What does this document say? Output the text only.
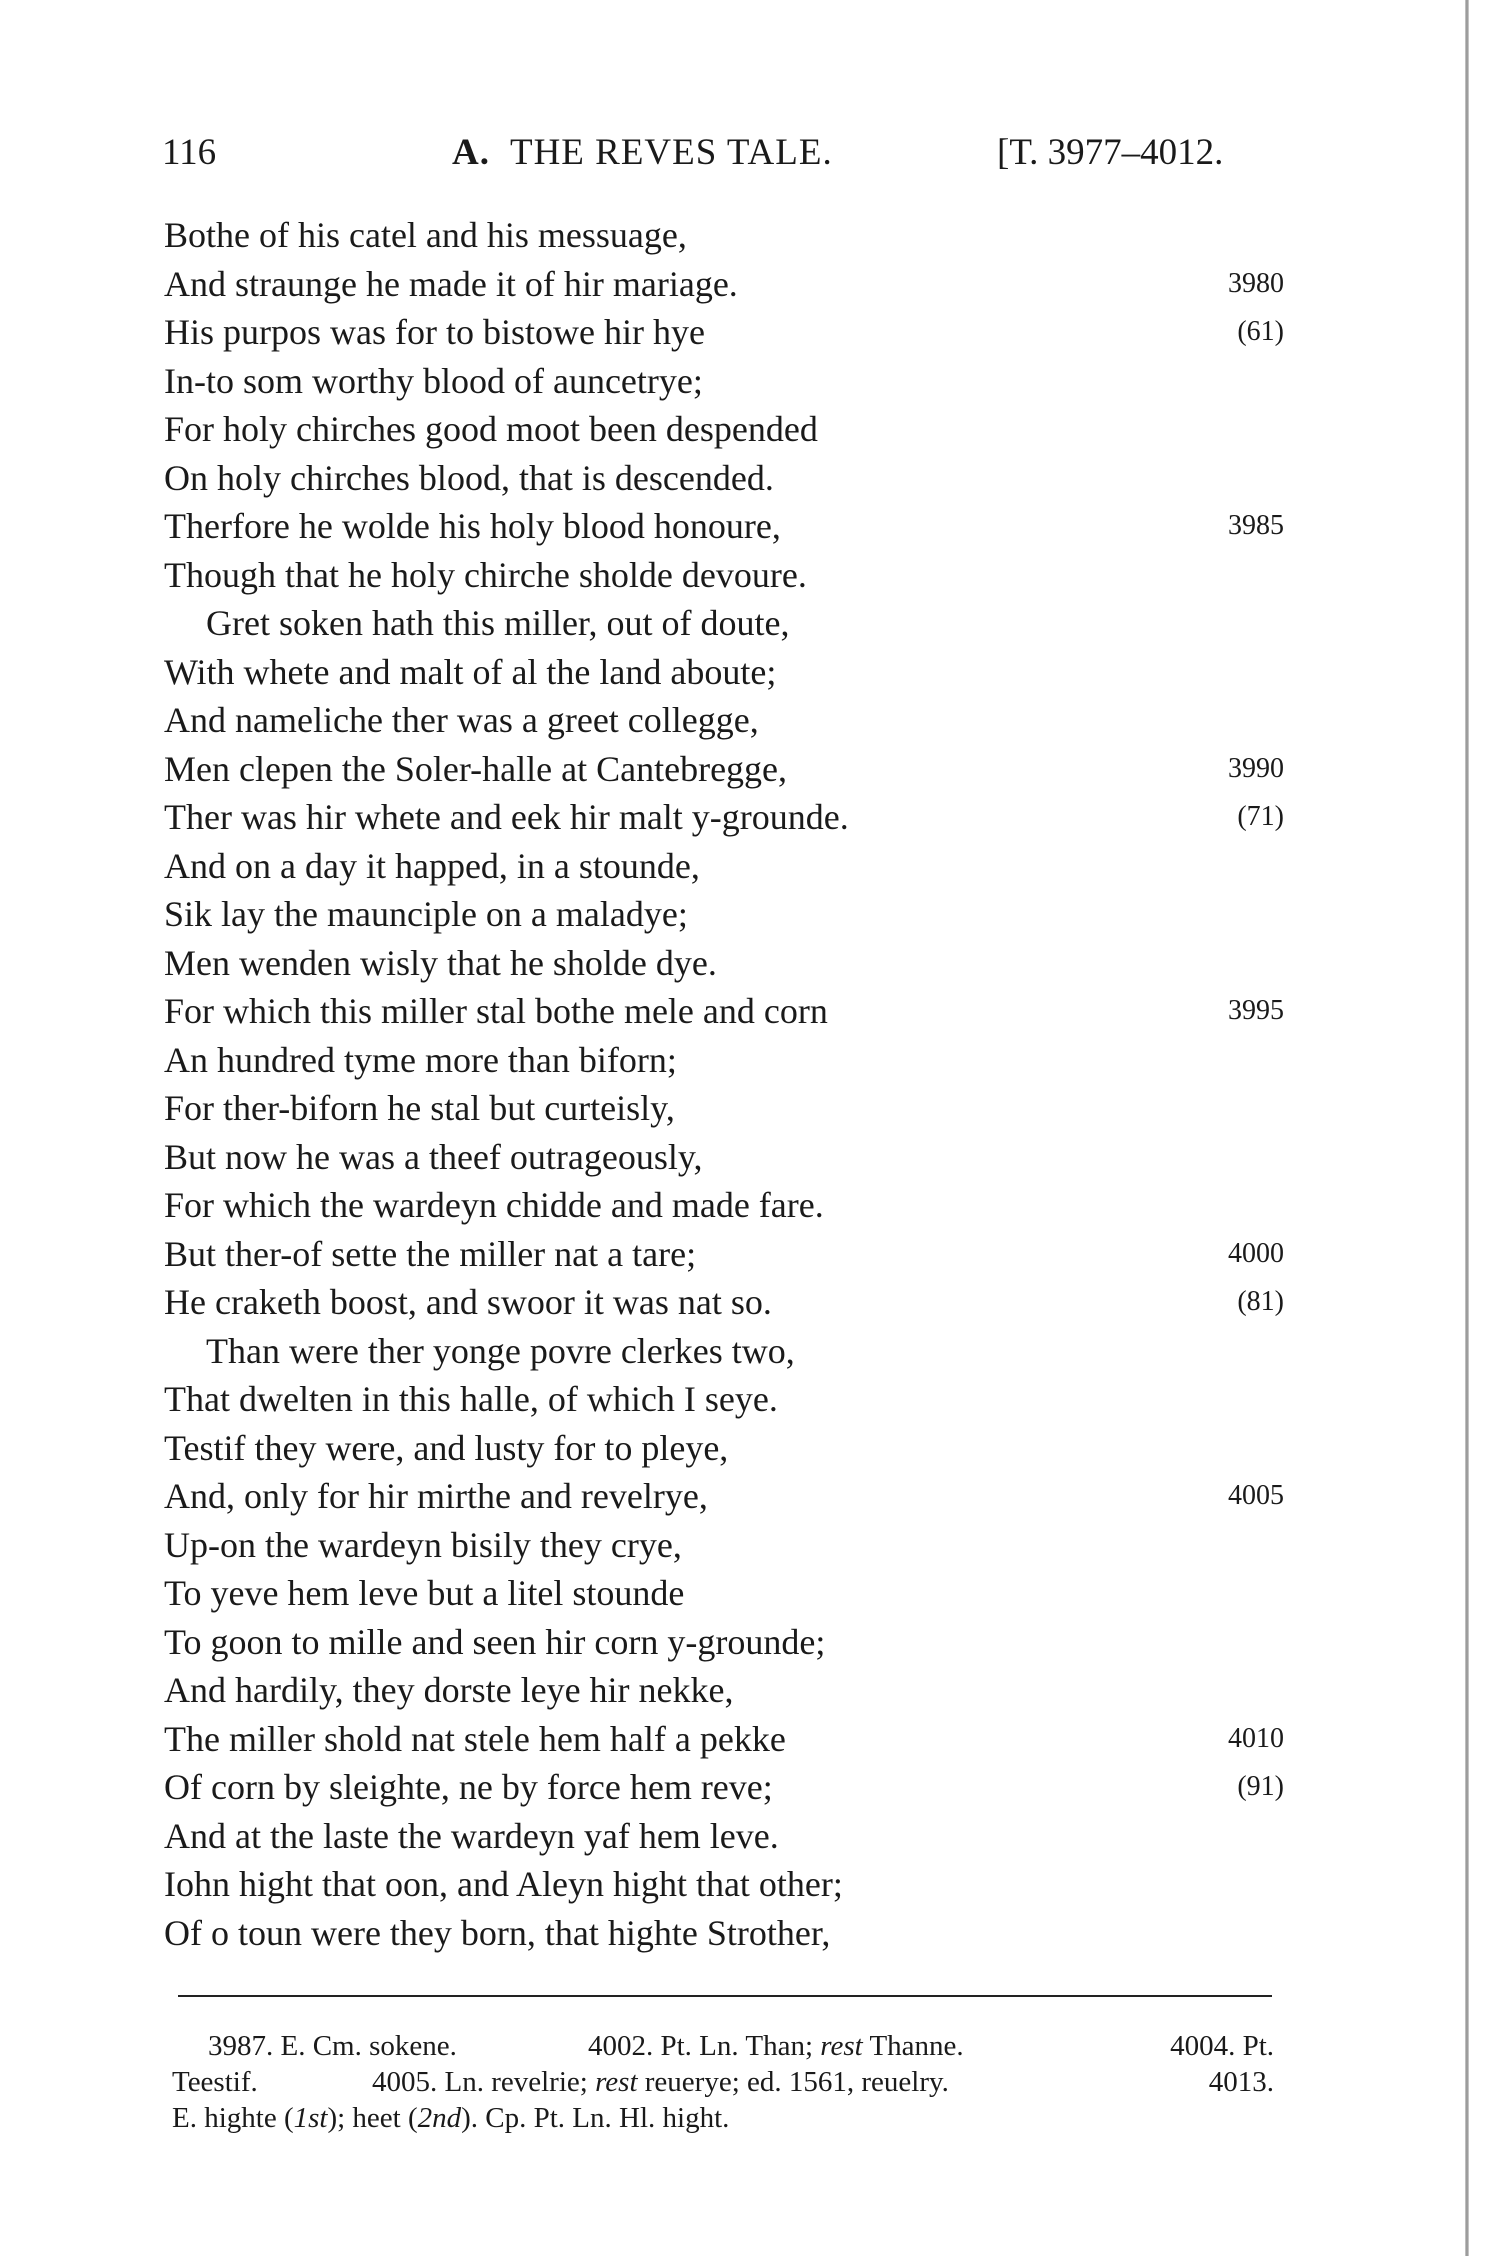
116	A. THE REVES TALE.	[T. 3977–4012.
Bothe of his catel and his messuage,
And straunge he made it of hir mariage.	3980
His purpos was for to bistowe hir hye	(61)
In-to som worthy blood of auncetrye;
For holy chirches good moot been despended
On holy chirches blood, that is descended.
Therfore he wolde his holy blood honoure,	3985
Though that he holy chirche sholde devoure.
Gret soken hath this miller, out of doute,
With whete and malt of al the land aboute;
And nameliche ther was a greet collegge,
Men clepen the Soler-halle at Cantebregge,	3990
Ther was hir whete and eek hir malt y-grounde.	(71)
And on a day it happed, in a stounde,
Sik lay the maunciple on a maladye;
Men wenden wisly that he sholde dye.
For which this miller stal bothe mele and corn	3995
An hundred tyme more than biforn;
For ther-biforn he stal but curteisly,
But now he was a theef outrageously,
For which the wardeyn chidde and made fare.
But ther-of sette the miller nat a tare;	4000
He craketh boost, and swoor it was nat so.	(81)
Than were ther yonge povre clerkes two,
That dwelten in this halle, of which I seye.
Testif they were, and lusty for to pleye,
And, only for hir mirthe and revelrye,	4005
Up-on the wardeyn bisily they crye,
To yeve hem leve but a litel stounde
To goon to mille and seen hir corn y-grounde;
And hardily, they dorste leye hir nekke,
The miller shold nat stele hem half a pekke	4010
Of corn by sleighte, ne by force hem reve;	(91)
And at the laste the wardeyn yaf hem leve.
Iohn hight that oon, and Aleyn hight that other;
Of o toun were they born, that highte Strother,
3987. E. Cm. sokene.	4002. Pt. Ln. Than; rest Thanne.	4004. Pt.
Teestif.	4005. Ln. revelrie; rest reuerye; ed. 1561, reuelry.	4013.
E. highte (1st); heet (2nd). Cp. Pt. Ln. Hl. hight.
